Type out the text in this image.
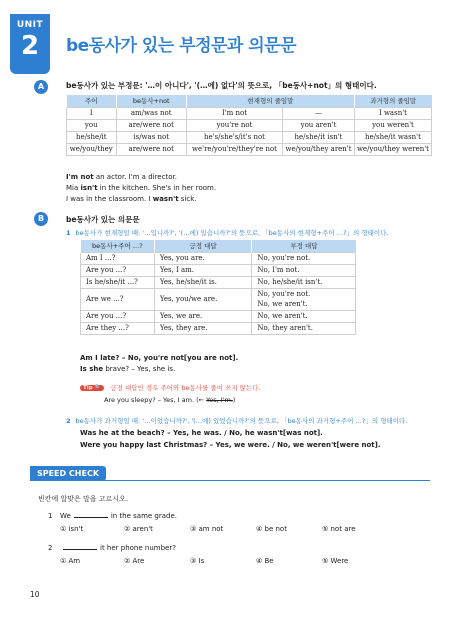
UNIT
2	be동사가 있는 부정문과 의문문
A	be동사가 있는 부정문: '…이 아니다', '(…에) 없다'의 뜻으로, 「be동사+not」의 형태이다.
주어	be동사+not	현재형의 줄임말		과거형의 줄임말
I	am/was not	I'm not	—	I wasn't
you	are/were not	you're not	you aren't	you weren't
he/she/it	is/was not	he's/she's/it's not	he/she/it isn't	he/she/it wasn't
we/you/they	are/were not	we're/you're/they're not	we/you/they aren't	we/you/they weren't
I'm not an actor. I'm a director.
Mia isn't in the kitchen. She's in her room.
I was in the classroom. I wasn't sick.
B	be동사가 있는 의문문
1 be동사가 현재형일 때: '…입니까?', '(…에) 있습니까?'의 뜻으로, 「be동사의 현재형+주어 …?」의 형태이다.
be동사+주어 …?	긍정 대답	부정 대답
Am I ...?	Yes, you are.	No, you're not.
Are you ...?	Yes, I am.	No, I'm not.
Is he/she/it ...?	Yes, he/she/it is.	No, he/she/it isn't.
Are we ...?	Yes, you/we are.	No, you're not.
No, we aren't.
Are you ...?	Yes, we are.	No, we aren't.
Are they ...?	Yes, they are.	No, they aren't.
Am I late? – No, you're not[you are not].
Is she brave? – Yes, she is.
Tip 🔍 긍정 대답인 경우 주어와 be동사를 줄여 쓰지 않는다.
Are you sleepy? – Yes, I am. (← Yes, I'm.)
2 be동사가 과거형일 때: '…이었습니까?', '(…에) 있었습니까?'의 뜻으로, 「be동사의 과거형+주어 …?」의 형태이다.
Was he at the beach? – Yes, he was. / No, he wasn't[was not].
Were you happy last Christmas? – Yes, we were. / No, we weren't[were not].
SPEED CHECK
빈칸에 알맞은 말을 고르시오.
1 We	in the same grade.
① isn't	② aren't	③ am not	④ be not	⑤ not are
2	it her phone number?
① Am	② Are	③ Is	④ Be	⑤ Were
10
